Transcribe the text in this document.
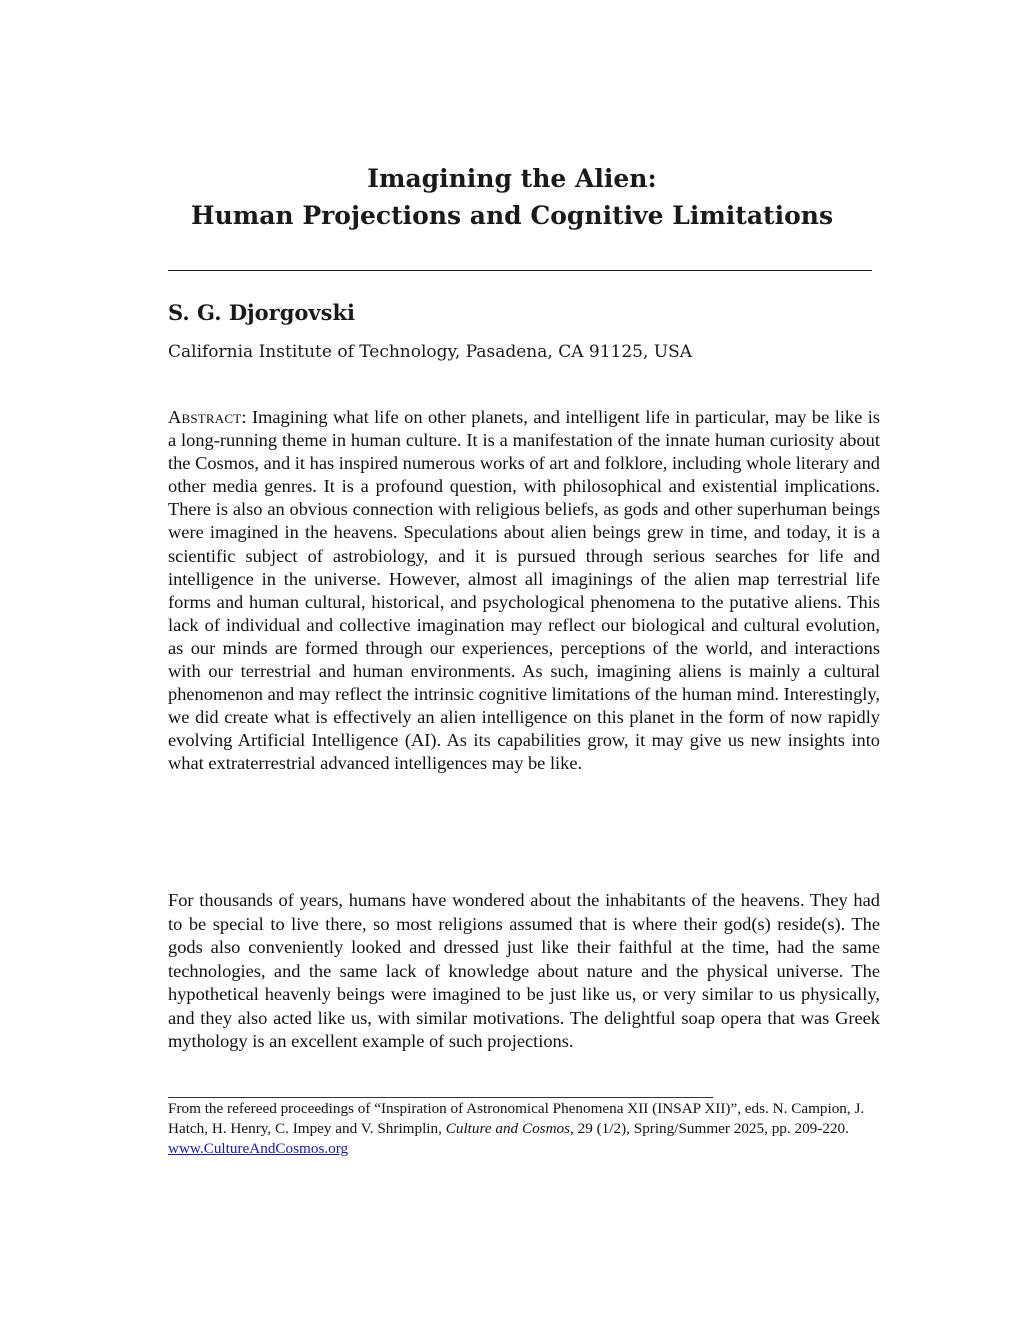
Imagining the Alien:
Human Projections and Cognitive Limitations
S. G. Djorgovski
California Institute of Technology, Pasadena, CA 91125, USA

Abstract: Imagining what life on other planets, and intelligent life in particular, may be like is a long-running theme in human culture. It is a manifestation of the innate human curiosity about the Cosmos, and it has inspired numerous works of art and folklore, including whole literary and other media genres. It is a profound question, with philosophical and existential implications. There is also an obvious connection with religious beliefs, as gods and other superhuman beings were imagined in the heavens. Speculations about alien beings grew in time, and today, it is a scientific subject of astrobiology, and it is pursued through serious searches for life and intelligence in the universe. However, almost all imaginings of the alien map terrestrial life forms and human cultural, historical, and psychological phenomena to the putative aliens. This lack of individual and collective imagination may reflect our biological and cultural evolution, as our minds are formed through our experiences, perceptions of the world, and interactions with our terrestrial and human environments. As such, imagining aliens is mainly a cultural phenomenon and may reflect the intrinsic cognitive limitations of the human mind. Interestingly, we did create what is effectively an alien intelligence on this planet in the form of now rapidly evolving Artificial Intelligence (AI). As its capabilities grow, it may give us new insights into what extraterrestrial advanced intelligences may be like.

For thousands of years, humans have wondered about the inhabitants of the heavens. They had to be special to live there, so most religions assumed that is where their god(s) reside(s). The gods also conveniently looked and dressed just like their faithful at the time, had the same technologies, and the same lack of knowledge about nature and the physical universe. The hypothetical heavenly beings were imagined to be just like us, or very similar to us physically, and they also acted like us, with similar motivations. The delightful soap opera that was Greek mythology is an excellent example of such projections.

From the refereed proceedings of “Inspiration of Astronomical Phenomena XII (INSAP XII)”, eds. N. Campion, J. Hatch, H. Henry, C. Impey and V. Shrimplin, Culture and Cosmos, 29 (1/2), Spring/Summer 2025, pp. 209-220.
www.CultureAndCosmos.org
